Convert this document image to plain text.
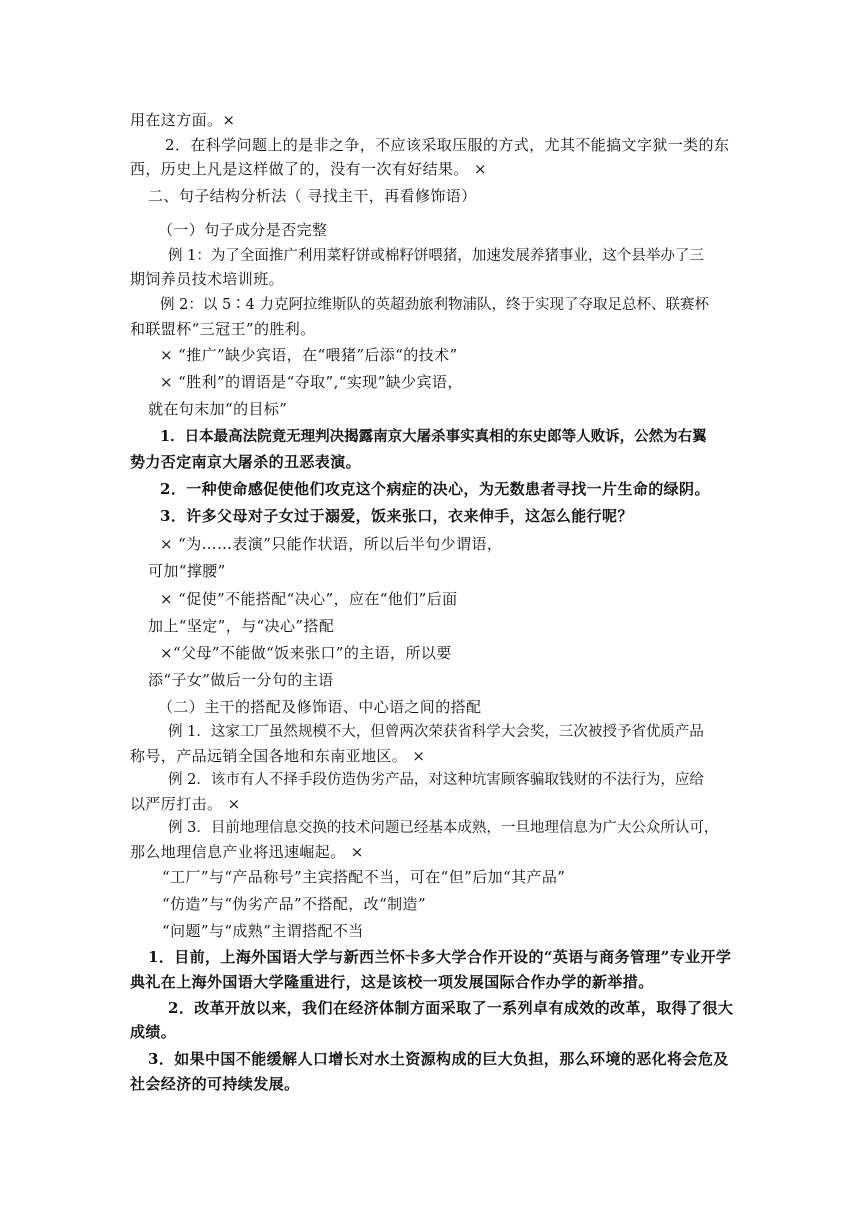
用在这方面。×
2．在科学问题上的是非之争，不应该采取压服的方式，尤其不能搞文字狱一类的东
西，历史上凡是这样做了的，没有一次有好结果。 ×
二、句子结构分析法（ 寻找主干，再看修饰语）
（一）句子成分是否完整
例 1：为了全面推广利用菜籽饼或棉籽饼喂猪，加速发展养猪事业，这个县举办了三
期饲养员技术培训班。
例 2：以 5∶4 力克阿拉维斯队的英超劲旅利物浦队，终于实现了夺取足总杯、联赛杯
和联盟杯“三冠王”的胜利。
× “推广”缺少宾语，在“喂猪”后添“的技术”
× “胜利”的谓语是“夺取”,“实现”缺少宾语，
就在句末加“的目标”
1．日本最高法院竟无理判决揭露南京大屠杀事实真相的东史郎等人败诉，公然为右翼
势力否定南京大屠杀的丑恶表演。
2．一种使命感促使他们攻克这个病症的决心，为无数患者寻找一片生命的绿阴。
3．许多父母对子女过于溺爱，饭来张口，衣来伸手，这怎么能行呢？
× “为……表演”只能作状语，所以后半句少谓语，
可加“撑腰”
× “促使”不能搭配“决心”，应在“他们”后面
加上“坚定”，与“决心”搭配
×“父母”不能做“饭来张口”的主语，所以要
添“子女”做后一分句的主语
（二）主干的搭配及修饰语、中心语之间的搭配
例 1．这家工厂虽然规模不大，但曾两次荣获省科学大会奖，三次被授予省优质产品
称号，产品远销全国各地和东南亚地区。 ×
例 2．该市有人不择手段仿造伪劣产品，对这种坑害顾客骗取钱财的不法行为，应给
以严厉打击。 ×
例 3．目前地理信息交换的技术问题已经基本成熟，一旦地理信息为广大公众所认可，
那么地理信息产业将迅速崛起。 ×
“工厂”与“产品称号”主宾搭配不当，可在“但”后加“其产品”
“仿造”与“伪劣产品”不搭配，改“制造”
“问题”与“成熟”主谓搭配不当
1．目前，上海外国语大学与新西兰怀卡多大学合作开设的“英语与商务管理”专业开学
典礼在上海外国语大学隆重进行，这是该校一项发展国际合作办学的新举措。
2．改革开放以来，我们在经济体制方面采取了一系列卓有成效的改革，取得了很大
成绩。
3．如果中国不能缓解人口增长对水土资源构成的巨大负担，那么环境的恶化将会危及
社会经济的可持续发展。
